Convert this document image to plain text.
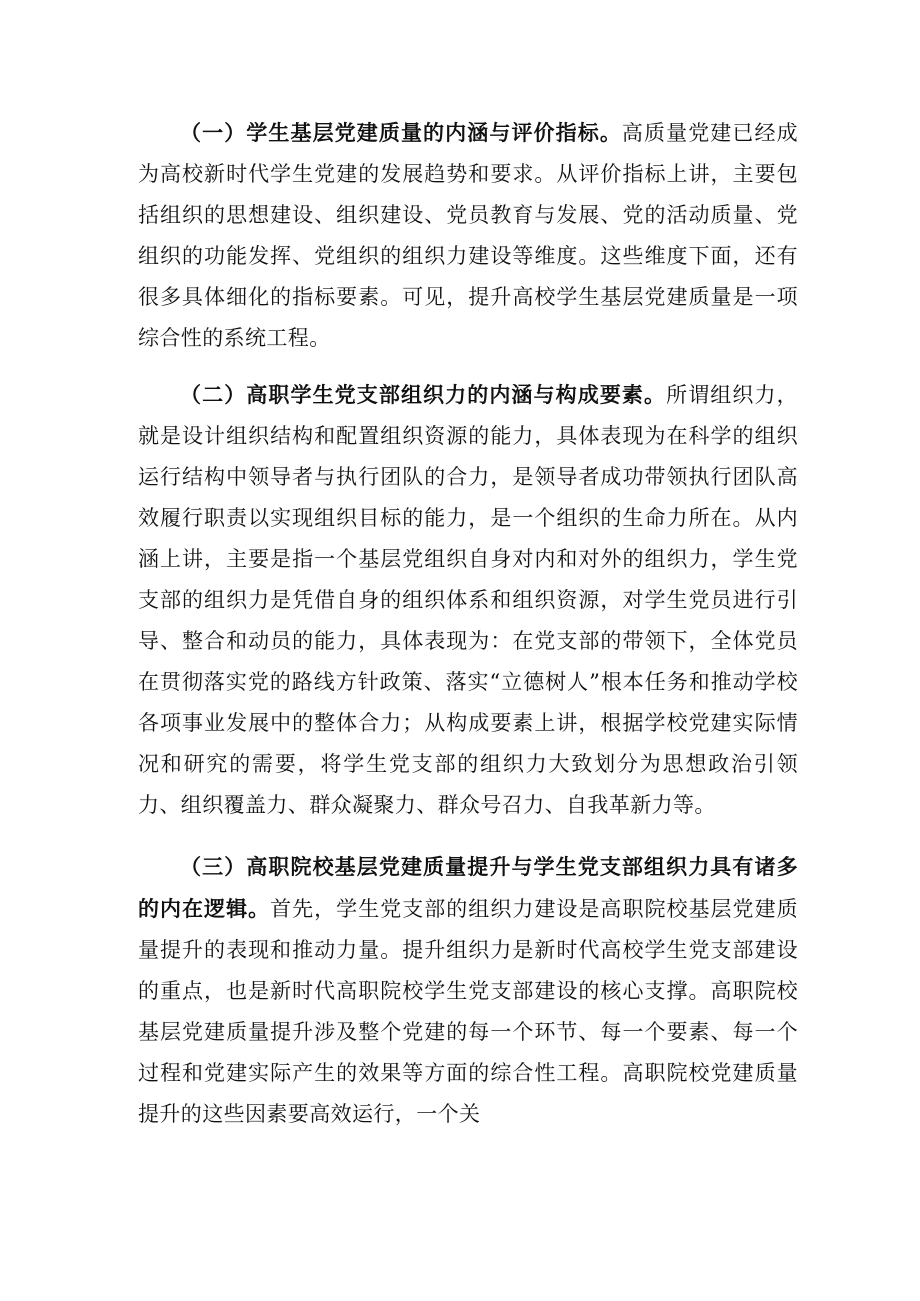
（一）学生基层党建质量的内涵与评价指标。高质量党建已经成为高校新时代学生党建的发展趋势和要求。从评价指标上讲，主要包括组织的思想建设、组织建设、党员教育与发展、党的活动质量、党组织的功能发挥、党组织的组织力建设等维度。这些维度下面，还有很多具体细化的指标要素。可见，提升高校学生基层党建质量是一项综合性的系统工程。

（二）高职学生党支部组织力的内涵与构成要素。所谓组织力，就是设计组织结构和配置组织资源的能力，具体表现为在科学的组织运行结构中领导者与执行团队的合力，是领导者成功带领执行团队高效履行职责以实现组织目标的能力，是一个组织的生命力所在。从内涵上讲，主要是指一个基层党组织自身对内和对外的组织力，学生党支部的组织力是凭借自身的组织体系和组织资源，对学生党员进行引导、整合和动员的能力，具体表现为：在党支部的带领下，全体党员在贯彻落实党的路线方针政策、落实“立德树人”根本任务和推动学校各项事业发展中的整体合力；从构成要素上讲，根据学校党建实际情况和研究的需要，将学生党支部的组织力大致划分为思想政治引领力、组织覆盖力、群众凝聚力、群众号召力、自我革新力等。

（三）高职院校基层党建质量提升与学生党支部组织力具有诸多的内在逻辑。首先，学生党支部的组织力建设是高职院校基层党建质量提升的表现和推动力量。提升组织力是新时代高校学生党支部建设的重点，也是新时代高职院校学生党支部建设的核心支撑。高职院校基层党建质量提升涉及整个党建的每一个环节、每一个要素、每一个过程和党建实际产生的效果等方面的综合性工程。高职院校党建质量提升的这些因素要高效运行，一个关
